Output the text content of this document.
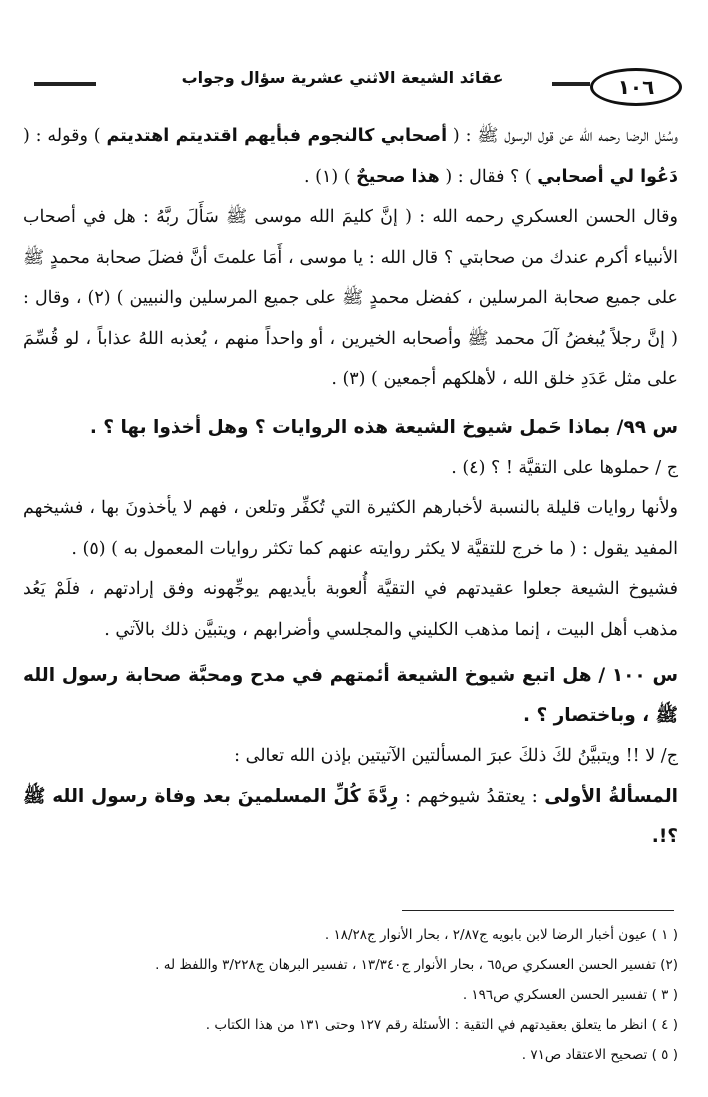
عقائد الشيعة الاثني عشرية سؤال وجواب	١٠٦

وسُئل الرضا رحمه الله عن قول الرسول ﷺ : ( أصحابي كالنجوم فبأيهم اقتديتم اهتديتم ) وقوله : ( دَعُوا لي أصحابي ) ؟ فقال : ( هذا صحيحٌ ) (١) .

وقال الحسن العسكري رحمه الله : ( إنَّ كليمَ الله موسى ﷺ سَأَلَ ربَّهُ : هل في أصحاب الأنبياء أكرم عندك من صحابتي ؟ قال الله : يا موسى ، أَمَا علمتَ أنَّ فضلَ صحابة محمدٍ ﷺ على جميع صحابة المرسلين ، كفضل محمدٍ ﷺ على جميع المرسلين والنبيين ) (٢) ، وقال : ( إنَّ رجلاً يُبغضُ آلَ محمد ﷺ وأصحابه الخيرين ، أو واحداً منهم ، يُعذبه اللهُ عذاباً ، لو قُسِّمَ على مثل عَدَدِ خلق الله ، لأهلكهم أجمعين ) (٣) .

س ٩٩/ بماذا حَمل شيوخ الشيعة هذه الروايات ؟ وهل أخذوا بها ؟ .

ج / حملوها على التقيَّة ! ؟ (٤) .

ولأنها روايات قليلة بالنسبة لأخبارهم الكثيرة التي تُكفِّر وتلعن ، فهم لا يأخذونَ بها ، فشيخهم المفيد يقول : ( ما خرج للتقيَّة لا يكثر روايته عنهم كما تكثر روايات المعمول به ) (٥) .

فشيوخ الشيعة جعلوا عقيدتهم في التقيَّة أُلعوبة بأيديهم يوجِّهونه وفق إرادتهم ، فلَمْ يَعُد مذهب أهل البيت ، إنما مذهب الكليني والمجلسي وأضرابهم ، ويتبيَّن ذلك بالآتي .

س ١٠٠ / هل اتبع شيوخ الشيعة أئمتهم في مدح ومحبَّة صحابة رسول الله ﷺ ، وباختصار ؟ .

ج/ لا !! ويتبيَّنُ لكَ ذلكَ عبرَ المسألتين الآتيتين بإذن الله تعالى :

المسألةُ الأولى : يعتقدُ شيوخهم : رِدَّةَ كُلِّ المسلمينَ بعد وفاة رسول الله ﷺ ؟!.

( ١ ) عيون أخبار الرضا لابن بابويه ج٢/٨٧ ، بحار الأنوار ج١٨/٢٨ .

(٢) تفسير الحسن العسكري ص٦٥ ، بحار الأنوار ج١٣/٣٤٠ ، تفسير البرهان ج٣/٢٢٨ واللفظ له .

( ٣ ) تفسير الحسن العسكري ص١٩٦ .

( ٤ ) انظر ما يتعلق بعقيدتهم في التقية : الأسئلة رقم ١٢٧ وحتى ١٣١ من هذا الكتاب .

( ٥ ) تصحيح الاعتقاد ص٧١ .
